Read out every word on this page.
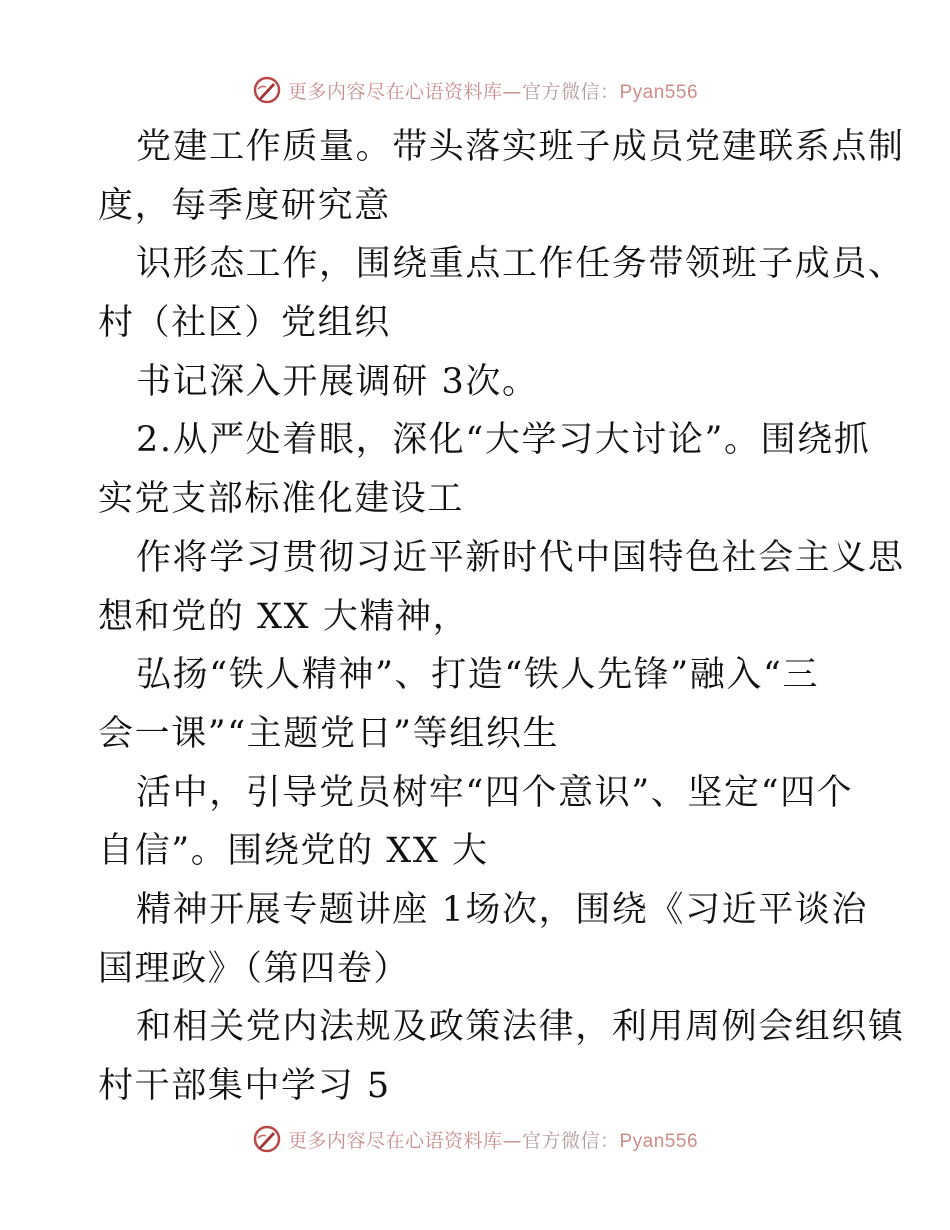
更多内容尽在心语资料库—官方微信：Pyan556
党建工作质量。带头落实班子成员党建联系点制
度，每季度研究意
识形态工作，围绕重点工作任务带领班子成员、
村（社区）党组织
书记深入开展调研 3次。
2.从严处着眼，深化“大学习大讨论”。围绕抓
实党支部标准化建设工
作将学习贯彻习近平新时代中国特色社会主义思
想和党的 XX 大精神，
弘扬“铁人精神”、打造“铁人先锋”融入“三
会一课”“主题党日”等组织生
活中，引导党员树牢“四个意识”、坚定“四个
自信”。围绕党的 XX 大
精神开展专题讲座 1场次，围绕《习近平谈治
国理政》（第四卷）
和相关党内法规及政策法律，利用周例会组织镇
村干部集中学习 5
更多内容尽在心语资料库—官方微信：Pyan556
